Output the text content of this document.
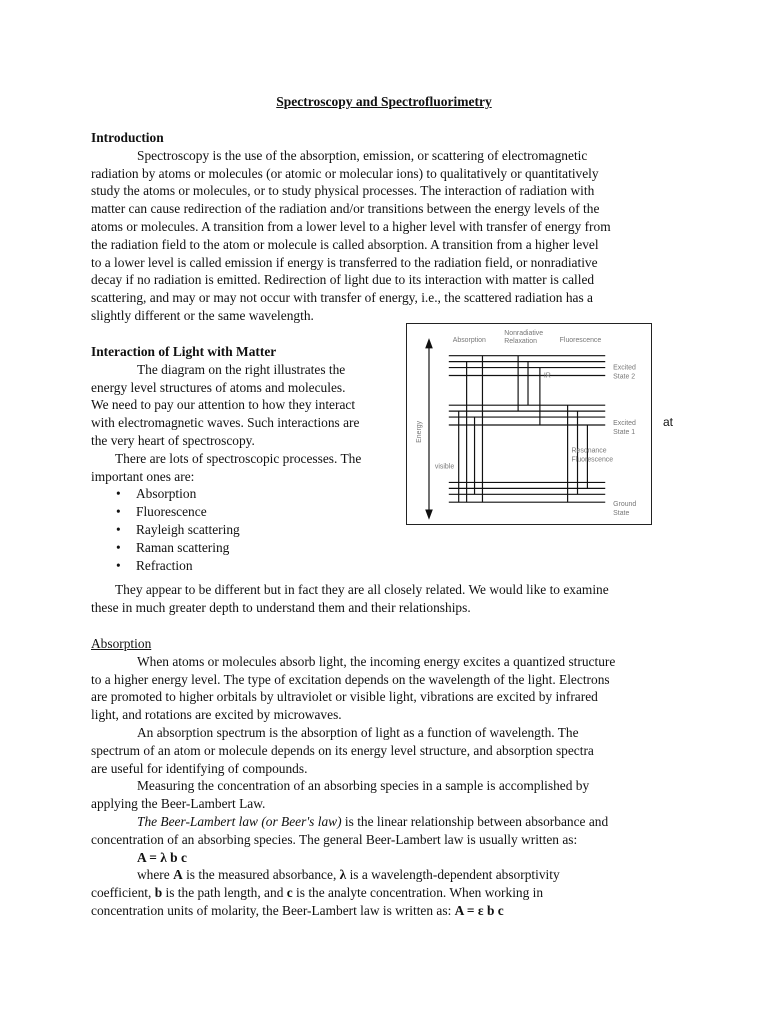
Spectroscopy and Spectrofluorimetry
Introduction
Spectroscopy is the use of the absorption, emission, or scattering of electromagnetic
radiation by atoms or molecules (or atomic or molecular ions) to qualitatively or quantitatively
study the atoms or molecules, or to study physical processes. The interaction of radiation with
matter can cause redirection of the radiation and/or transitions between the energy levels of the
atoms or molecules. A transition from a lower level to a higher level with transfer of energy from
the radiation field to the atom or molecule is called absorption. A transition from a higher level
to a lower level is called emission if energy is transferred to the radiation field, or nonradiative
decay if no radiation is emitted. Redirection of light due to its interaction with matter is called
scattering, and may or may not occur with transfer of energy, i.e., the scattered radiation has a
slightly different or the same wavelength.
Interaction of Light with Matter
The diagram on the right illustrates the
energy level structures of atoms and molecules.
We need to pay our attention to how they interact
with electromagnetic waves. Such interactions are
the very heart of spectroscopy.
There are lots of spectroscopic processes. The
important ones are:
• Absorption
• Fluorescence
• Rayleigh scattering
• Raman scattering
• Refraction
at
They appear to be different but in fact they are all closely related. We would like to examine
these in much greater depth to understand them and their relationships.
Absorption
Nonradiative
Relaxation	Fluorescence
Excited
State 2
Excited
State 1
Resonance
Fluorescence
Ground
State
Energy
visible
IR
Absorption
When atoms or molecules absorb light, the incoming energy excites a quantized structure
to a higher energy level. The type of excitation depends on the wavelength of the light. Electrons
are promoted to higher orbitals by ultraviolet or visible light, vibrations are excited by infrared
light, and rotations are excited by microwaves.
An absorption spectrum is the absorption of light as a function of wavelength. The
spectrum of an atom or molecule depends on its energy level structure, and absorption spectra
are useful for identifying of compounds.
Measuring the concentration of an absorbing species in a sample is accomplished by
applying the Beer-Lambert Law.
The Beer-Lambert law (or Beer's law) is the linear relationship between absorbance and
concentration of an absorbing species. The general Beer-Lambert law is usually written as:
A = λ b c
where A is the measured absorbance, λ is a wavelength-dependent absorptivity
coefficient, b is the path length, and c is the analyte concentration. When working in
concentration units of molarity, the Beer-Lambert law is written as: A = ε b c
